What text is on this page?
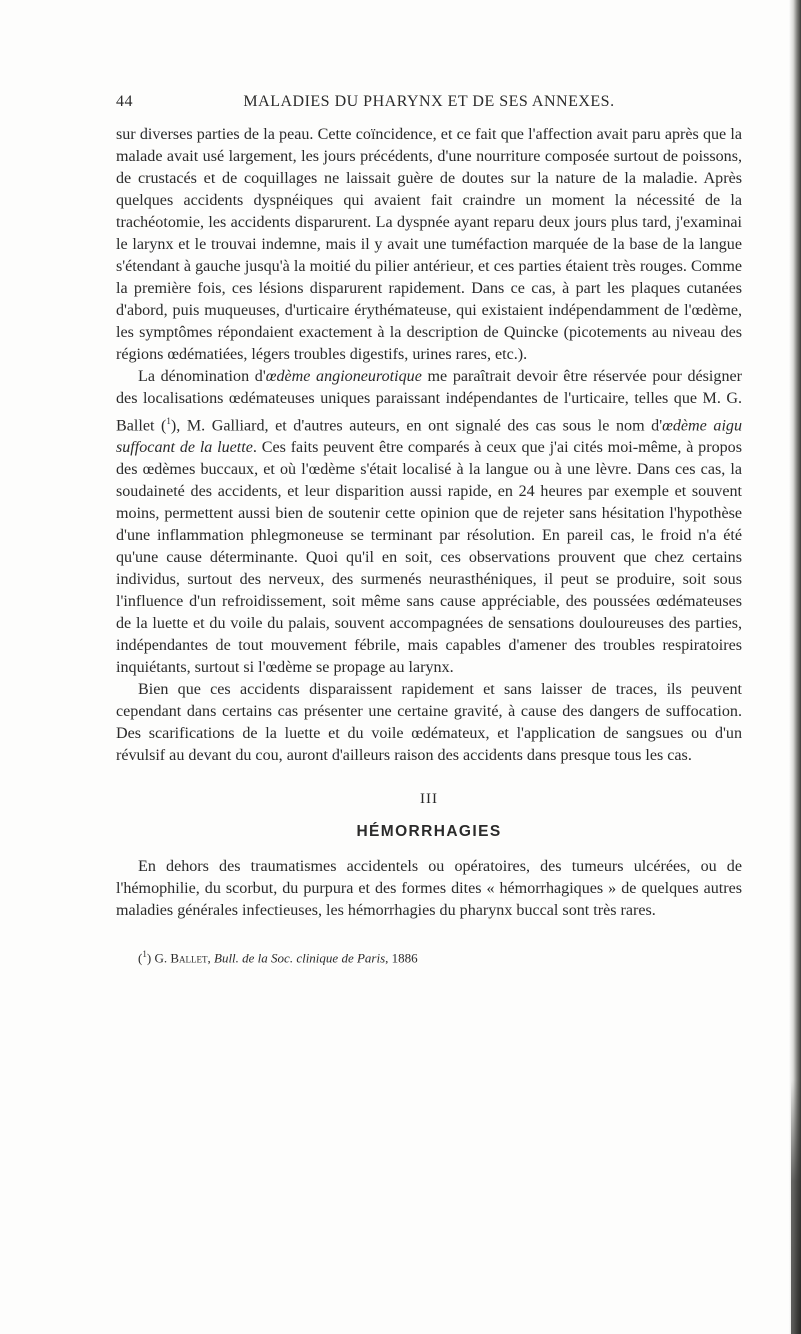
44	MALADIES DU PHARYNX ET DE SES ANNEXES.

sur diverses parties de la peau. Cette coïncidence, et ce fait que l'affection avait paru après que la malade avait usé largement, les jours précédents, d'une nourriture composée surtout de poissons, de crustacés et de coquillages ne laissait guère de doutes sur la nature de la maladie. Après quelques accidents dyspnéiques qui avaient fait craindre un moment la nécessité de la trachéotomie, les accidents disparurent. La dyspnée ayant reparu deux jours plus tard, j'examinai le larynx et le trouvai indemne, mais il y avait une tuméfaction marquée de la base de la langue s'étendant à gauche jusqu'à la moitié du pilier antérieur, et ces parties étaient très rouges. Comme la première fois, ces lésions disparurent rapidement. Dans ce cas, à part les plaques cutanées d'abord, puis muqueuses, d'urticaire érythémateuse, qui existaient indépendamment de l'œdème, les symptômes répondaient exactement à la description de Quincke (picotements au niveau des régions œdématiées, légers troubles digestifs, urines rares, etc.).

La dénomination d'œdème angioneurotique me paraîtrait devoir être réservée pour désigner des localisations œdémateuses uniques paraissant indépendantes de l'urticaire, telles que M. G. Ballet ($^1$), M. Galliard, et d'autres auteurs, en ont signalé des cas sous le nom d'œdème aigu suffocant de la luette. Ces faits peuvent être comparés à ceux que j'ai cités moi-même, à propos des œdèmes buccaux, et où l'œdème s'était localisé à la langue ou à une lèvre. Dans ces cas, la soudaineté des accidents, et leur disparition aussi rapide, en 24 heures par exemple et souvent moins, permettent aussi bien de soutenir cette opinion que de rejeter sans hésitation l'hypothèse d'une inflammation phlegmoneuse se terminant par résolution. En pareil cas, le froid n'a été qu'une cause déterminante. Quoi qu'il en soit, ces observations prouvent que chez certains individus, surtout des nerveux, des surmenés neurasthéniques, il peut se produire, soit sous l'influence d'un refroidissement, soit même sans cause appréciable, des poussées œdémateuses de la luette et du voile du palais, souvent accompagnées de sensations douloureuses des parties, indépendantes de tout mouvement fébrile, mais capables d'amener des troubles respiratoires inquiétants, surtout si l'œdème se propage au larynx.

Bien que ces accidents disparaissent rapidement et sans laisser de traces, ils peuvent cependant dans certains cas présenter une certaine gravité, à cause des dangers de suffocation. Des scarifications de la luette et du voile œdémateux, et l'application de sangsues ou d'un révulsif au devant du cou, auront d'ailleurs raison des accidents dans presque tous les cas.

III
HÉMORRHAGIES

En dehors des traumatismes accidentels ou opératoires, des tumeurs ulcérées, ou de l'hémophilie, du scorbut, du purpura et des formes dites « hémorrhagiques » de quelques autres maladies générales infectieuses, les hémorrhagies du pharynx buccal sont très rares.

($^1$) G. Ballet, Bull. de la Soc. clinique de Paris, 1886
